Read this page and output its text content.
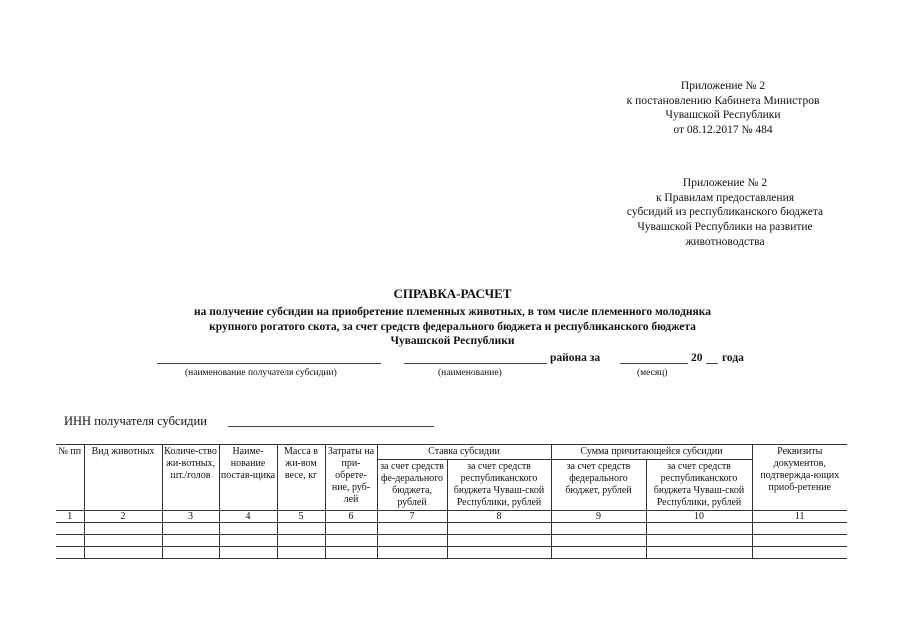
Приложение № 2
к постановлению Кабинета Министров
Чувашской Республики
от 08.12.2017 № 484
Приложение № 2
к Правилам предоставления
субсидий из республиканского бюджета
Чувашской Республики на развитие
животноводства
СПРАВКА-РАСЧЕТ
на получение субсидии на приобретение племенных животных, в том числе племенного молодняка
крупного рогатого скота, за счет средств федерального бюджета и республиканского бюджета
Чувашской Республики
района за	20 года
(наименование получателя субсидии)	(наименование)	(месяц)
ИНН получателя субсидии
№ пп	Вид животных	Количе-ство жи-вотных, шт./голов	Наиме-нование постав-щика	Масса в жи-вом весе, кг	Затраты на при-обрете-ние, руб-лей	Ставка субсидии		Сумма причитающейся субсидии		Реквизиты документов, подтвержда-ющих приоб-ретение
						за счет средств фе-дерального бюджета, рублей	за счет средств республиканского бюджета Чуваш-ской Республики, рублей	за счет средств федерального бюджет, рублей	за счет средств республиканского бюджета Чуваш-ской Республики, рублей	
1	2	3	4	5	6	7	8	9	10	11
